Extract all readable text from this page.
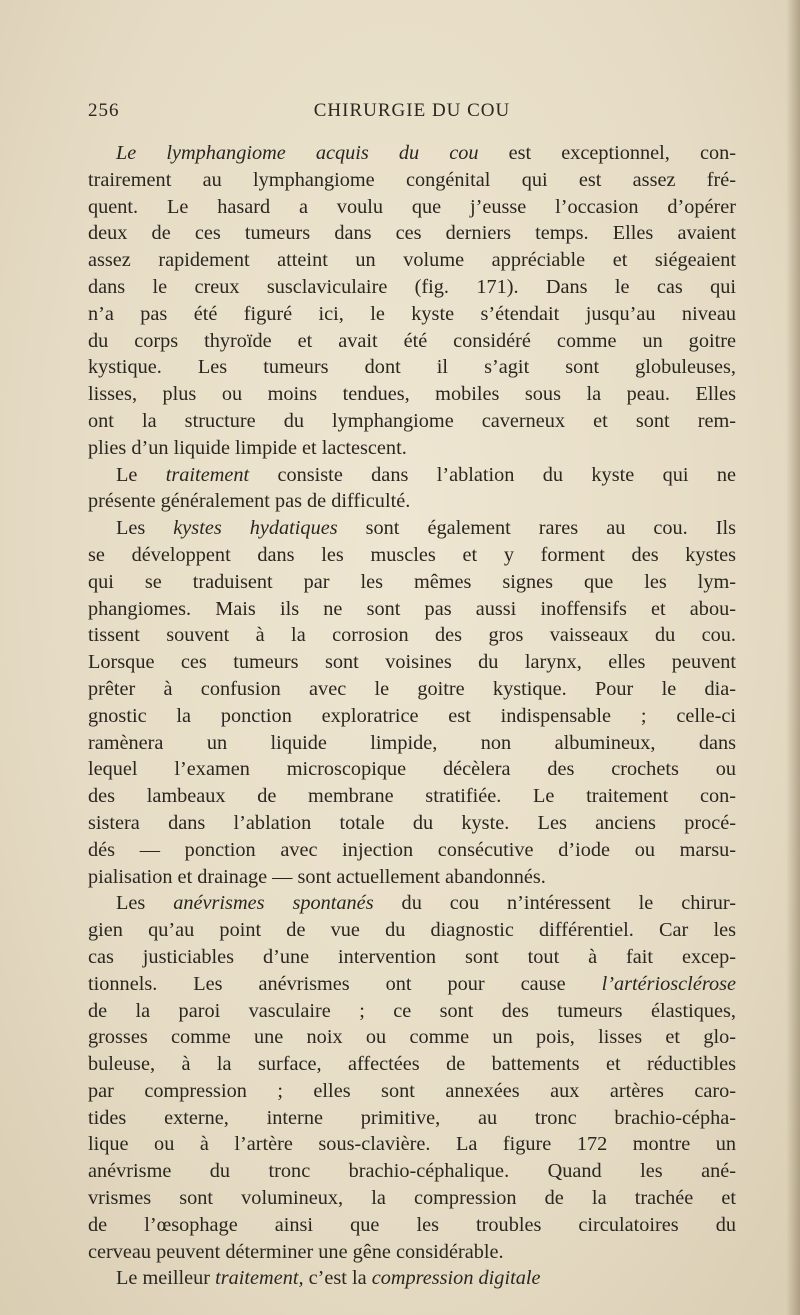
256	CHIRURGIE DU COU
Le lymphangiome acquis du cou est exceptionnel, con-
trairement au lymphangiome congénital qui est assez fré-
quent. Le hasard a voulu que j’eusse l’occasion d’opérer
deux de ces tumeurs dans ces derniers temps. Elles avaient
assez rapidement atteint un volume appréciable et siégeaient
dans le creux susclaviculaire (fig. 171). Dans le cas qui
n’a pas été figuré ici, le kyste s’étendait jusqu’au niveau
du corps thyroïde et avait été considéré comme un goitre
kystique. Les tumeurs dont il s’agit sont globuleuses,
lisses, plus ou moins tendues, mobiles sous la peau. Elles
ont la structure du lymphangiome caverneux et sont rem-
plies d’un liquide limpide et lactescent.
Le traitement consiste dans l’ablation du kyste qui ne
présente généralement pas de difficulté.
Les kystes hydatiques sont également rares au cou. Ils
se développent dans les muscles et y forment des kystes
qui se traduisent par les mêmes signes que les lym-
phangiomes. Mais ils ne sont pas aussi inoffensifs et abou-
tissent souvent à la corrosion des gros vaisseaux du cou.
Lorsque ces tumeurs sont voisines du larynx, elles peuvent
prêter à confusion avec le goitre kystique. Pour le dia-
gnostic la ponction exploratrice est indispensable ; celle-ci
ramènera un liquide limpide, non albumineux, dans
lequel l’examen microscopique décèlera des crochets ou
des lambeaux de membrane stratifiée. Le traitement con-
sistera dans l’ablation totale du kyste. Les anciens procé-
dés — ponction avec injection consécutive d’iode ou marsu-
pialisation et drainage — sont actuellement abandonnés.
Les anévrismes spontanés du cou n’intéressent le chirur-
gien qu’au point de vue du diagnostic différentiel. Car les
cas justiciables d’une intervention sont tout à fait excep-
tionnels. Les anévrismes ont pour cause l’artériosclérose
de la paroi vasculaire ; ce sont des tumeurs élastiques,
grosses comme une noix ou comme un pois, lisses et glo-
buleuse, à la surface, affectées de battements et réductibles
par compression ; elles sont annexées aux artères caro-
tides externe, interne primitive, au tronc brachio-cépha-
lique ou à l’artère sous-clavière. La figure 172 montre un
anévrisme du tronc brachio-céphalique. Quand les ané-
vrismes sont volumineux, la compression de la trachée et
de l’œsophage ainsi que les troubles circulatoires du
cerveau peuvent déterminer une gêne considérable.
Le meilleur traitement, c’est la compression digitale
